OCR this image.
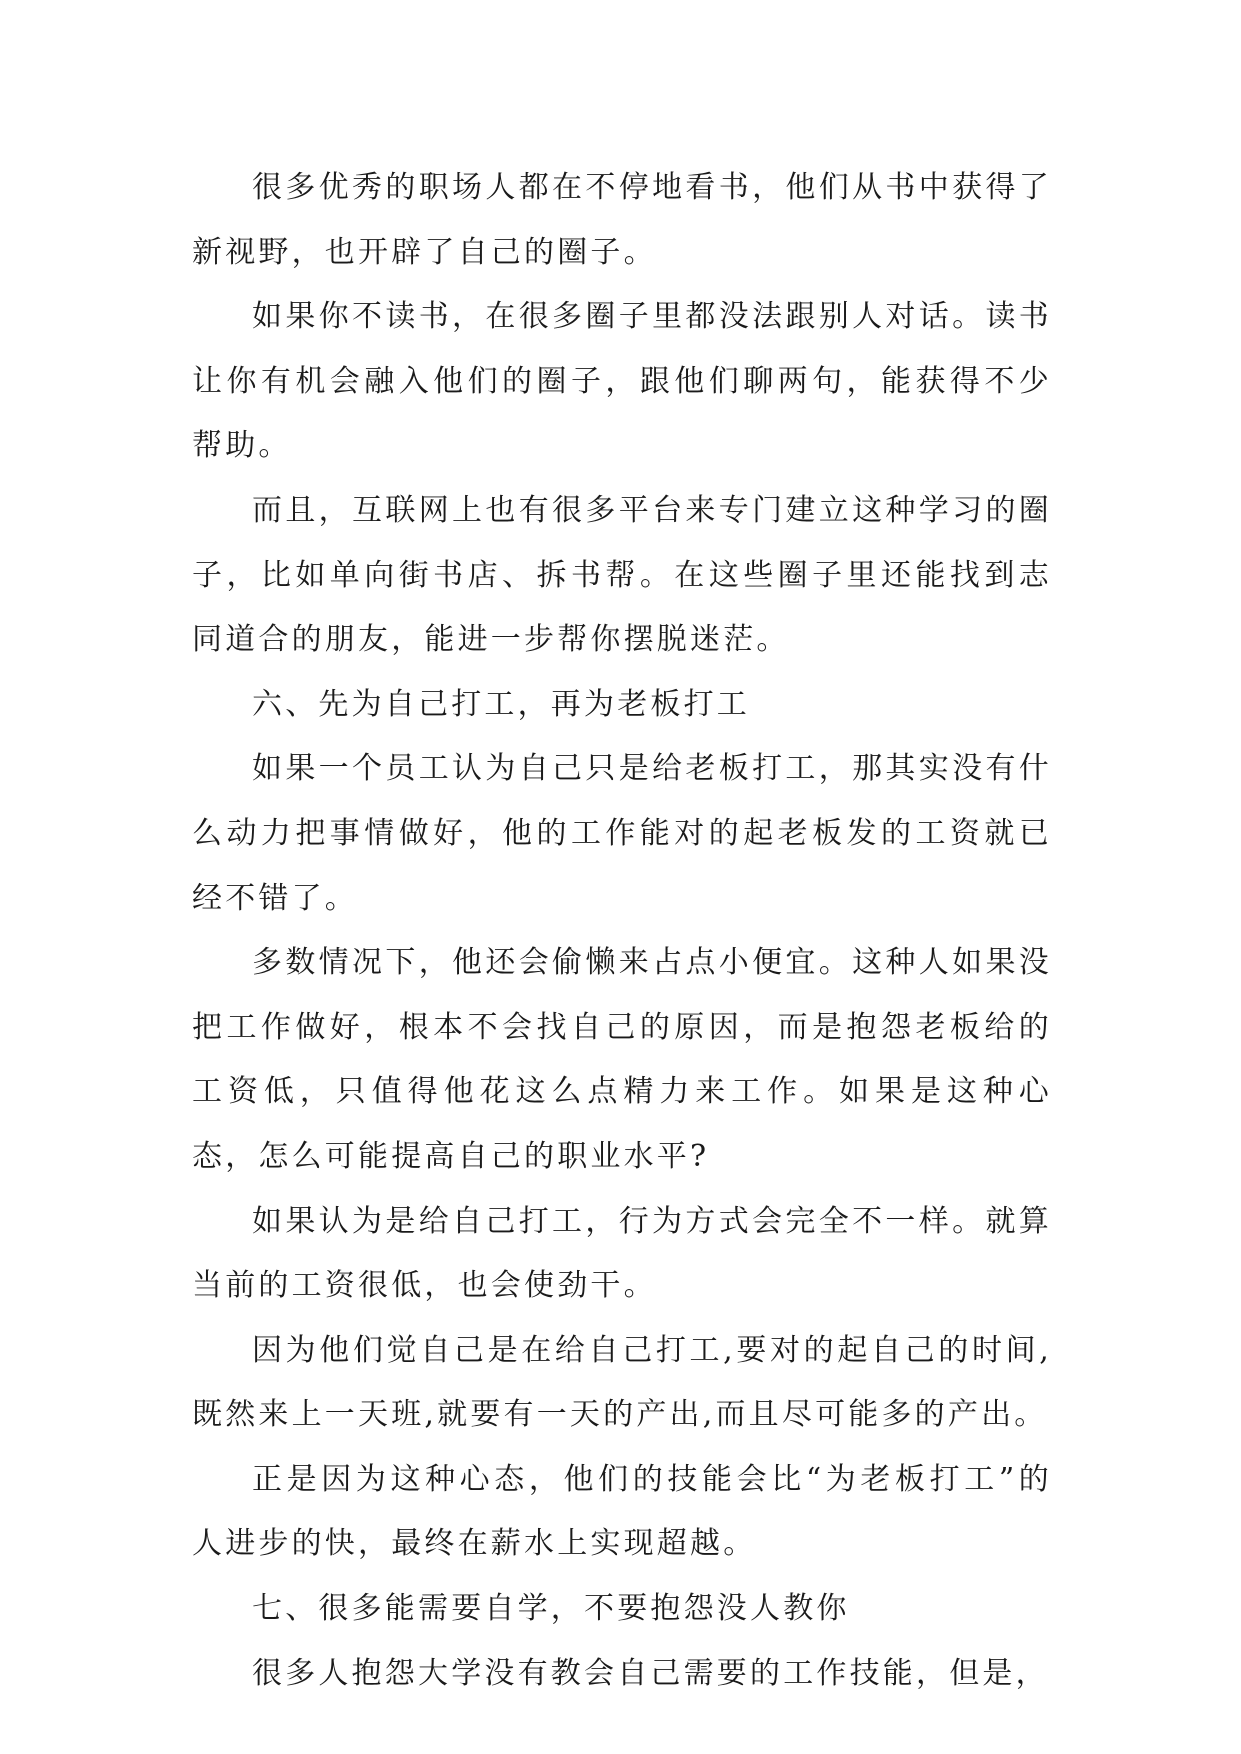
很多优秀的职场人都在不停地看书，他们从书中获得了新视野，也开辟了自己的圈子。

如果你不读书，在很多圈子里都没法跟别人对话。读书让你有机会融入他们的圈子，跟他们聊两句，能获得不少帮助。

而且，互联网上也有很多平台来专门建立这种学习的圈子，比如单向街书店、拆书帮。在这些圈子里还能找到志同道合的朋友，能进一步帮你摆脱迷茫。

六、先为自己打工，再为老板打工

如果一个员工认为自己只是给老板打工，那其实没有什么动力把事情做好，他的工作能对的起老板发的工资就已经不错了。

多数情况下，他还会偷懒来占点小便宜。这种人如果没把工作做好，根本不会找自己的原因，而是抱怨老板给的工资低，只值得他花这么点精力来工作。如果是这种心态，怎么可能提高自己的职业水平?

如果认为是给自己打工，行为方式会完全不一样。就算当前的工资很低，也会使劲干。

因为他们觉自己是在给自己打工,要对的起自己的时间,既然来上一天班,就要有一天的产出,而且尽可能多的产出。

正是因为这种心态，他们的技能会比“为老板打工”的人进步的快，最终在薪水上实现超越。

七、很多能需要自学，不要抱怨没人教你

很多人抱怨大学没有教会自己需要的工作技能，但是，
